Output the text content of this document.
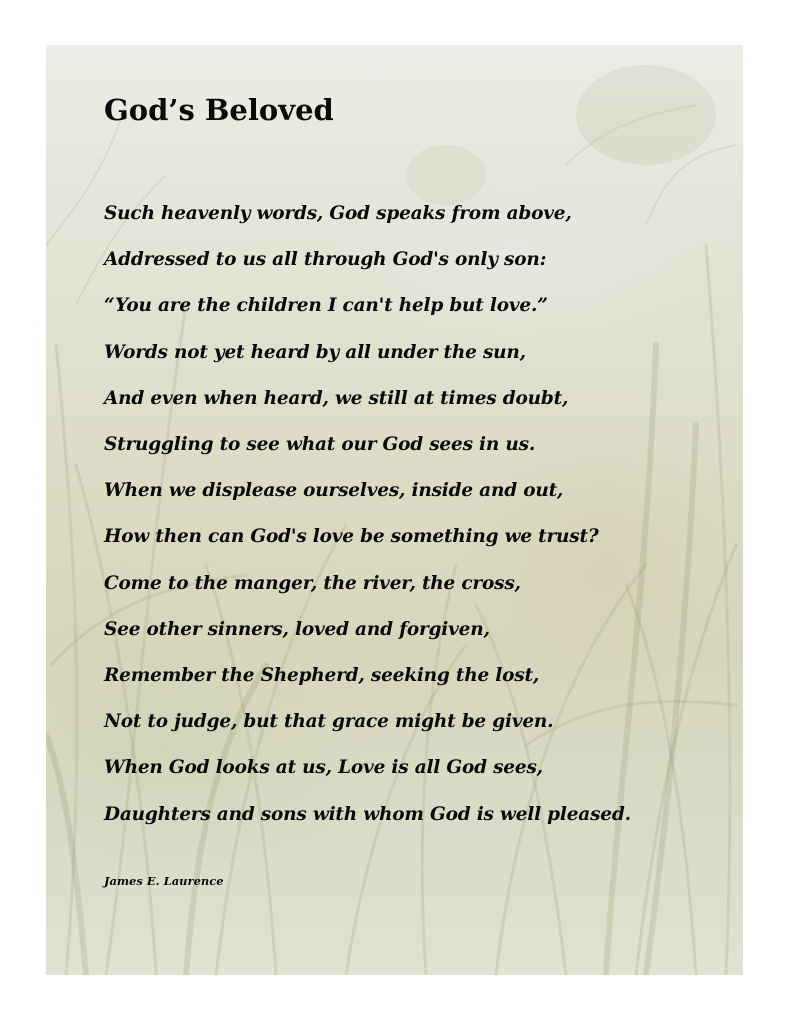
God’s Beloved
Such heavenly words, God speaks from above,
Addressed to us all through God's only son:
“You are the children I can't help but love.”
Words not yet heard by all under the sun,
And even when heard, we still at times doubt,
Struggling to see what our God sees in us.
When we displease ourselves, inside and out,
How then can God's love be something we trust?
Come to the manger, the river, the cross,
See other sinners, loved and forgiven,
Remember the Shepherd, seeking the lost,
Not to judge, but that grace might be given.
When God looks at us, Love is all God sees,
Daughters and sons with whom God is well pleased.

James E. Laurence
